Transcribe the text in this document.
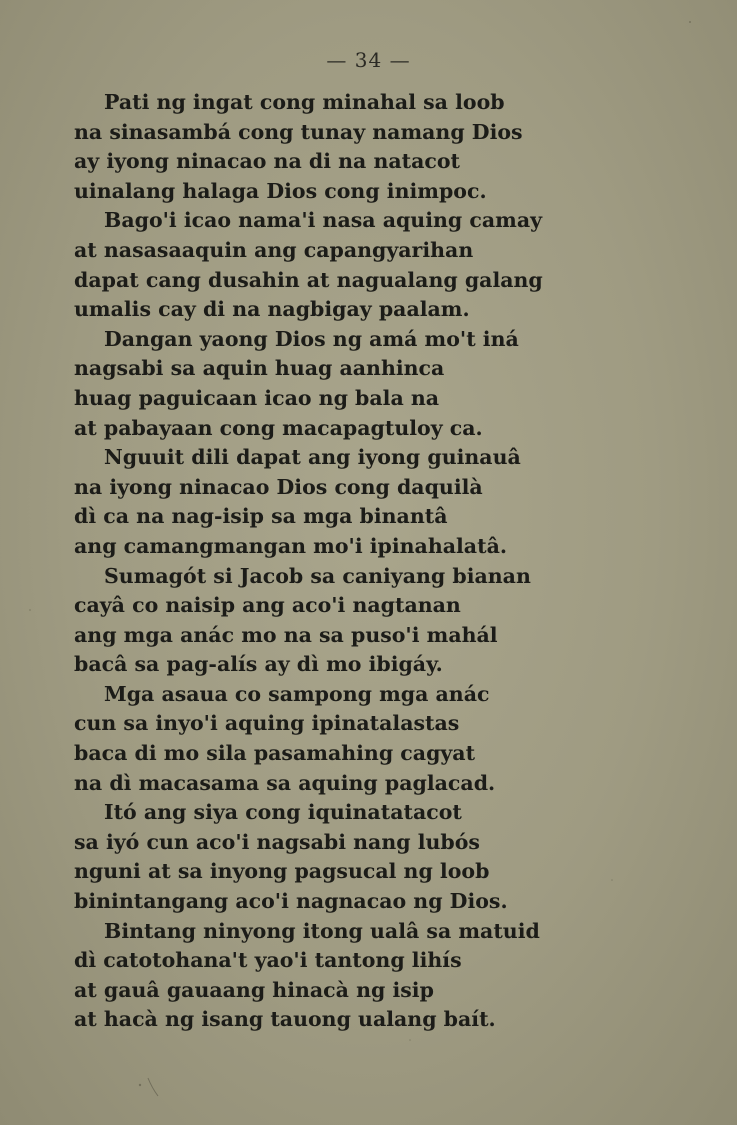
— 34 —
Pati ng ingat cong minahal sa loob
na sinasambá cong tunay namang Dios
ay iyong ninacao na di na natacot
uinalang halaga Dios cong inimpoc.
Bago'i icao nama'i nasa aquing camay
at nasasaaquin ang capangyarihan
dapat cang dusahin at nagualang galang
umalis cay di na nagbigay paalam.
Dangan yaong Dios ng amá mo't iná
nagsabi sa aquin huag aanhinca
huag paguicaan icao ng bala na
at pabayaan cong macapagtuloy ca.
Nguuit dili dapat ang iyong guinauâ
na iyong ninacao Dios cong daquilà
dì ca na nag-isip sa mga binantâ
ang camangmangan mo'i ipinahalatâ.
Sumagót si Jacob sa caniyang bianan
cayâ co naisip ang aco'i nagtanan
ang mga anác mo na sa puso'i mahál
bacâ sa pag-alís ay dì mo ibigáy.
Mga asaua co sampong mga anác
cun sa inyo'i aquing ipinatalastas
baca di mo sila pasamahing cagyat
na dì macasama sa aquing paglacad.
Itó ang siya cong iquinatatacot
sa iyó cun aco'i nagsabi nang lubós
nguni at sa inyong pagsucal ng loob
binintangang aco'i nagnacao ng Dios.
Bintang ninyong itong ualâ sa matuid
dì catotohana't yao'i tantong lihís
at gauâ gauaang hinacà ng isip
at hacà ng isang tauong ualang baít.
